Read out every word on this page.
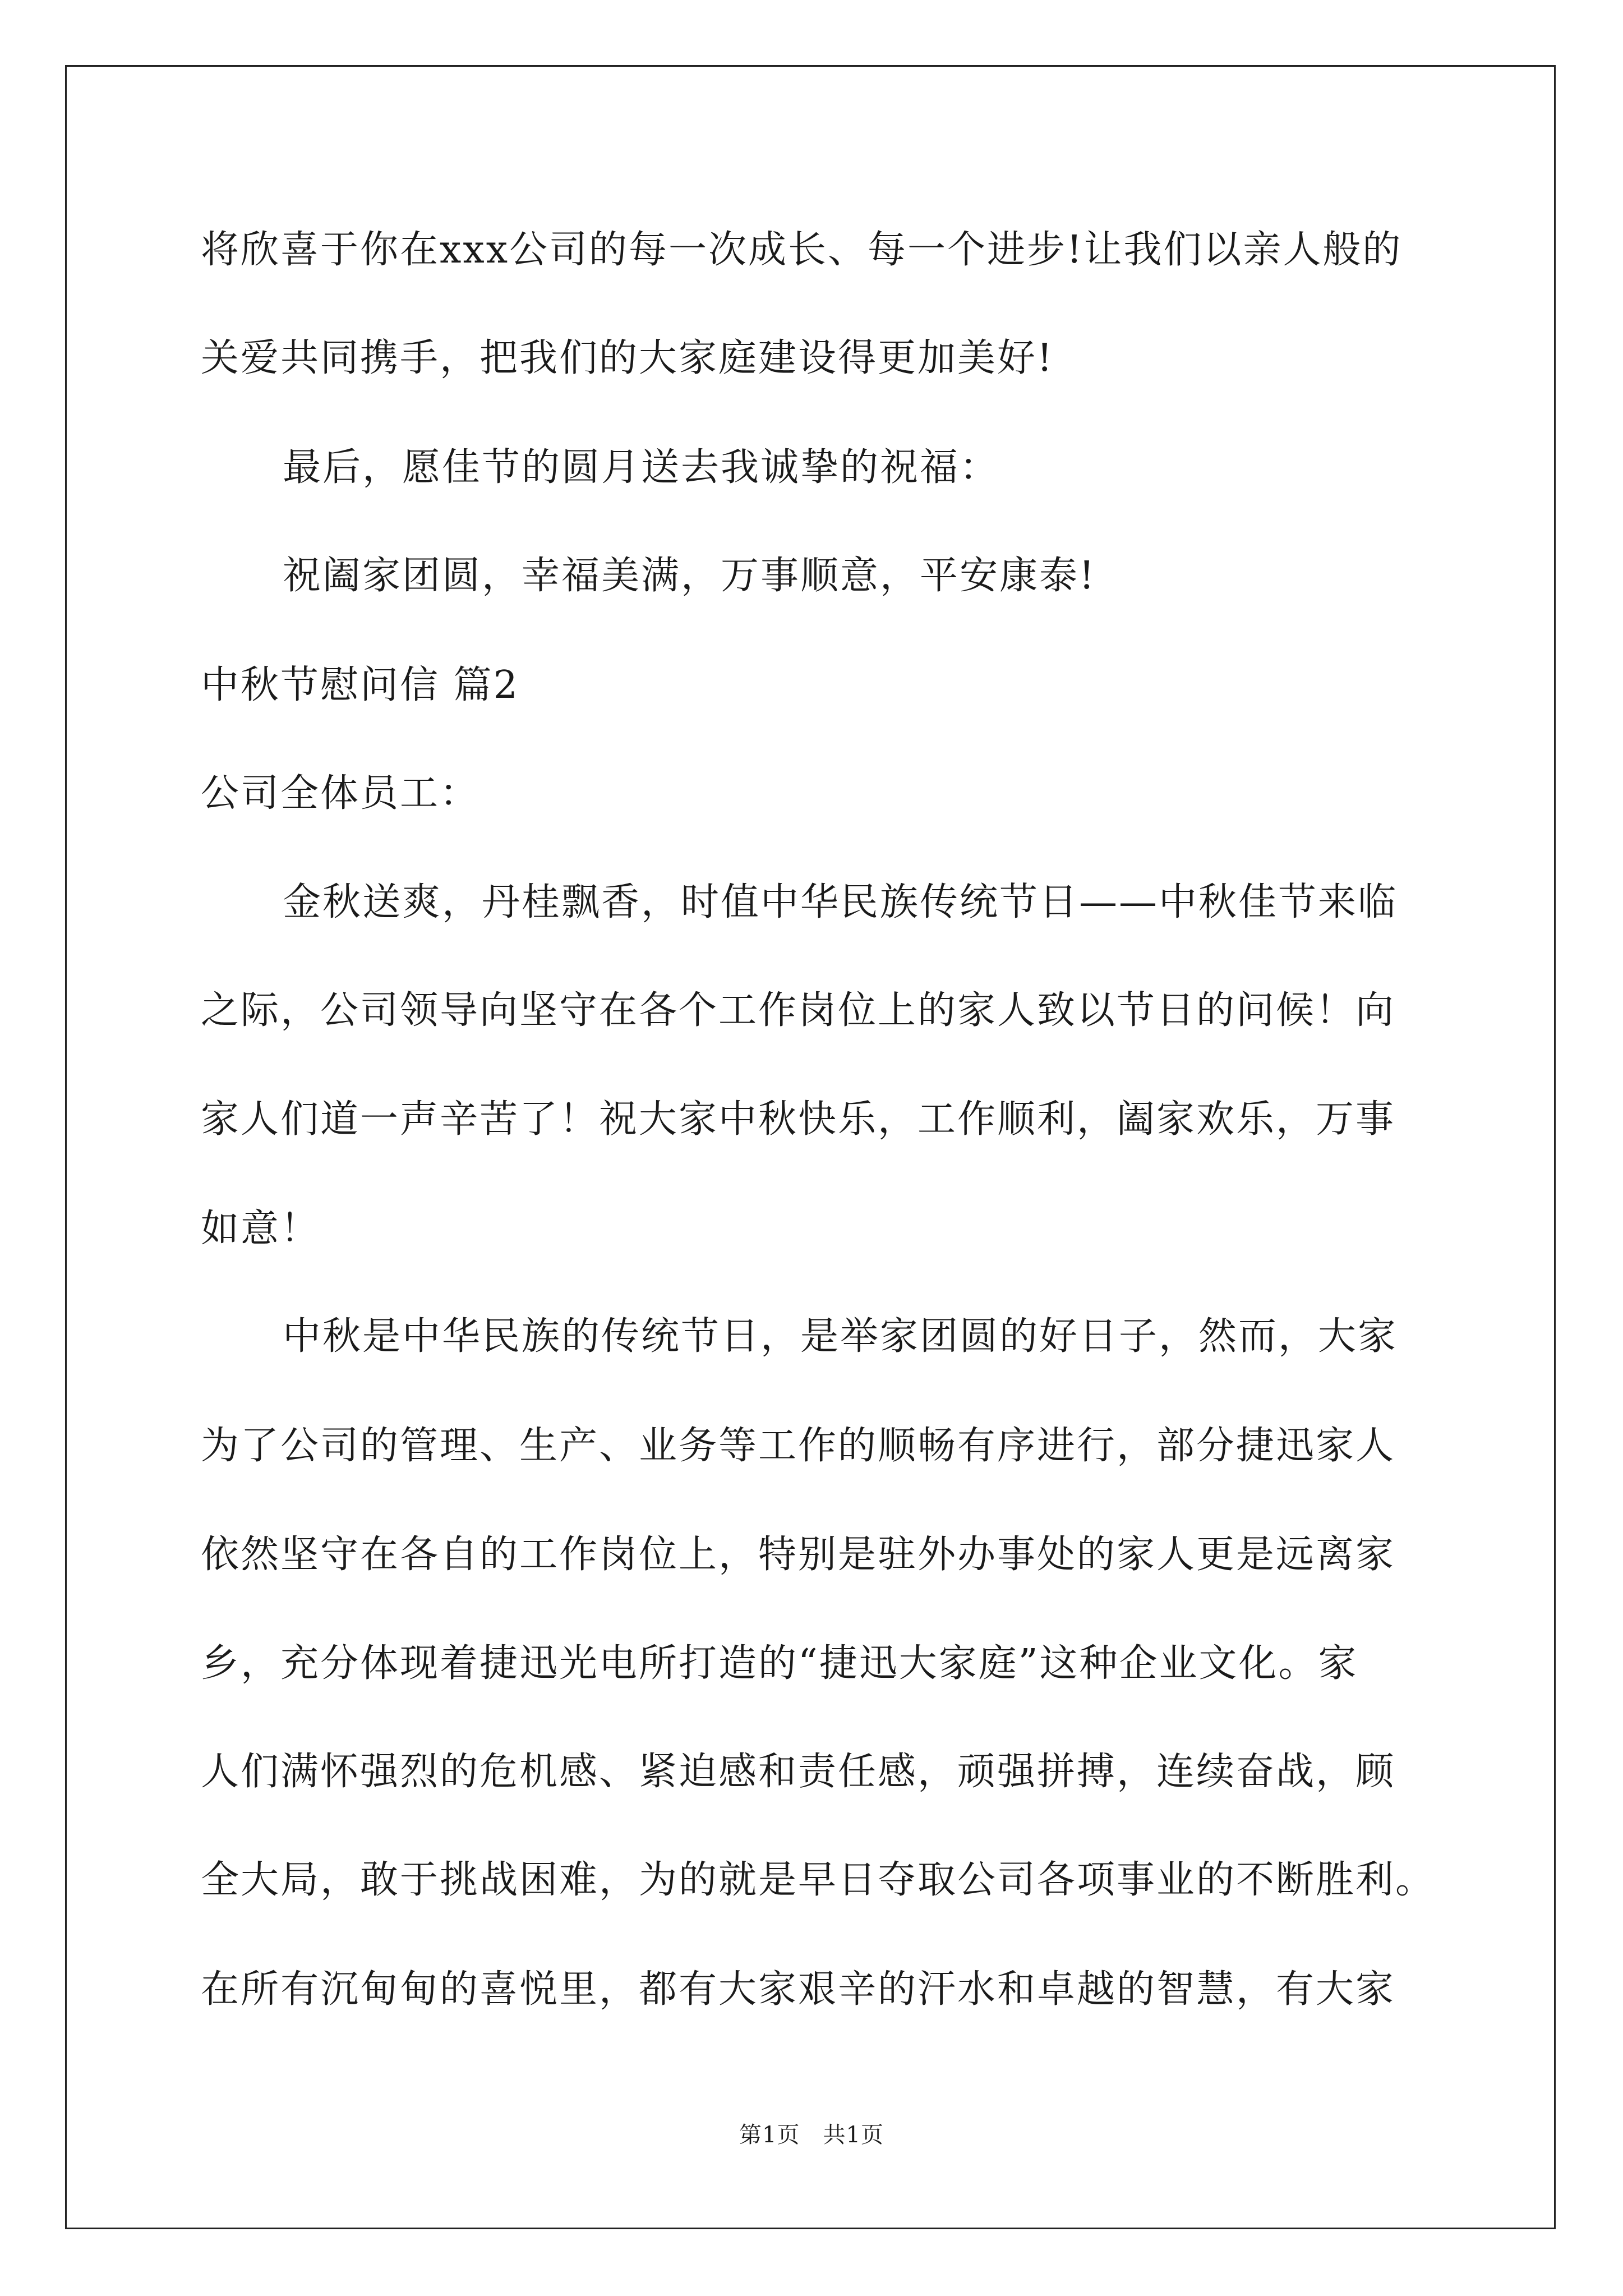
将欣喜于你在xxx公司的每一次成长、每一个进步!让我们以亲人般的
关爱共同携手，把我们的大家庭建设得更加美好!
最后，愿佳节的圆月送去我诚挚的祝福：
祝阖家团圆，幸福美满，万事顺意，平安康泰!
中秋节慰问信 篇2
公司全体员工：
金秋送爽，丹桂飘香，时值中华民族传统节日——中秋佳节来临
之际，公司领导向坚守在各个工作岗位上的家人致以节日的问候！向
家人们道一声辛苦了！祝大家中秋快乐，工作顺利，阖家欢乐，万事
如意！
中秋是中华民族的传统节日，是举家团圆的好日子，然而，大家
为了公司的管理、生产、业务等工作的顺畅有序进行，部分捷迅家人
依然坚守在各自的工作岗位上，特别是驻外办事处的家人更是远离家
乡，充分体现着捷迅光电所打造的“捷迅大家庭”这种企业文化。家
人们满怀强烈的危机感、紧迫感和责任感，顽强拼搏，连续奋战，顾
全大局，敢于挑战困难，为的就是早日夺取公司各项事业的不断胜利。
在所有沉甸甸的喜悦里，都有大家艰辛的汗水和卓越的智慧，有大家
第1页　共1页
